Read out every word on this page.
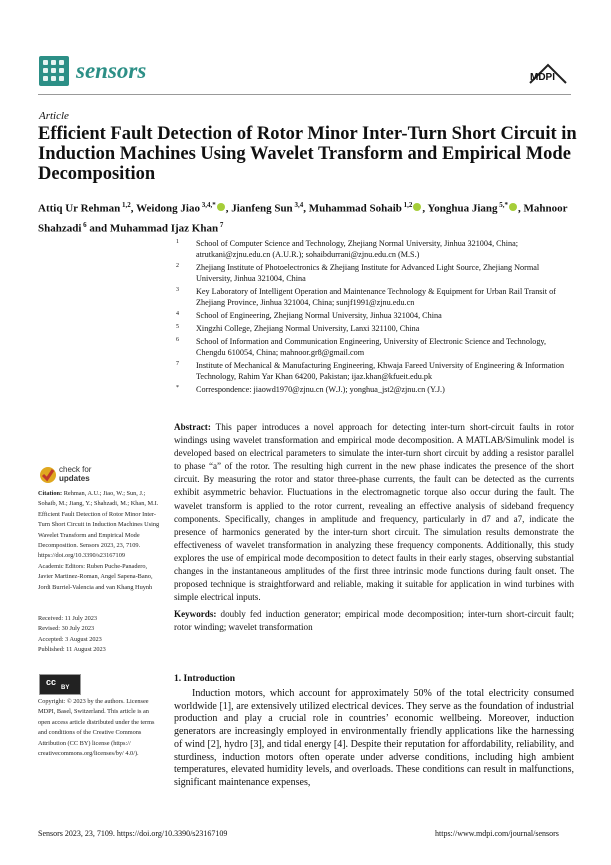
sensors	MDPI
Article
Efficient Fault Detection of Rotor Minor Inter-Turn Short Circuit in Induction Machines Using Wavelet Transform and Empirical Mode Decomposition
Attiq Ur Rehman $^{1,2}$, Weidong Jiao $^{3,4,*}$ , Jianfeng Sun $^{3,4}$, Muhammad Sohaib $^{1,2}$ , Yonghua Jiang $^{5,*}$ , Mahnoor Shahzadi $^6$ and Muhammad Ijaz Khan $^7$
1 School of Computer Science and Technology, Zhejiang Normal University, Jinhua 321004, China; atrutkani@zjnu.edu.cn (A.U.R.); sohaibdurrani@zjnu.edu.cn (M.S.)
2 Zhejiang Institute of Photoelectronics & Zhejiang Institute for Advanced Light Source, Zhejiang Normal University, Jinhua 321004, China
3 Key Laboratory of Intelligent Operation and Maintenance Technology & Equipment for Urban Rail Transit of Zhejiang Province, Jinhua 321004, China; sunjf1991@zjnu.edu.cn
4 School of Engineering, Zhejiang Normal University, Jinhua 321004, China
5 Xingzhi College, Zhejiang Normal University, Lanxi 321100, China
6 School of Information and Communication Engineering, University of Electronic Science and Technology, Chengdu 610054, China; mahnoor.gr8@gmail.com
7 Institute of Mechanical & Manufacturing Engineering, Khwaja Fareed University of Engineering & Information Technology, Rahim Yar Khan 64200, Pakistan; ijaz.khan@kfueit.edu.pk
* Correspondence: jiaowd1970@zjnu.cn (W.J.); yonghua_jst2@zjnu.cn (Y.J.)
check for
updates
Citation: Rehman, A.U.; Jiao, W.; Sun, J.; Sohaib, M.; Jiang, Y.; Shahzadi, M.; Khan, M.I. Efficient Fault Detection of Rotor Minor Inter-Turn Short Circuit in Induction Machines Using Wavelet Transform and Empirical Mode Decomposition. Sensors 2023, 23, 7109. https://doi.org/10.3390/s23167109
Academic Editors: Ruben Puche-Panadero, Javier Martinez-Roman, Angel Sapena-Bano, Jordi Burriel-Valencia and van Khang Huynh
Received: 11 July 2023
Revised: 30 July 2023
Accepted: 3 August 2023
Published: 11 August 2023
cc
BY
Copyright: © 2023 by the authors. Licensee MDPI, Basel, Switzerland. This article is an open access article distributed under the terms and conditions of the Creative Commons Attribution (CC BY) license (https:// creativecommons.org/licenses/by/ 4.0/).
Abstract: This paper introduces a novel approach for detecting inter-turn short-circuit faults in rotor windings using wavelet transformation and empirical mode decomposition. A MATLAB/Simulink model is developed based on electrical parameters to simulate the inter-turn short circuit by adding a resistor parallel to phase “a” of the rotor. The resulting high current in the new phase indicates the presence of the short circuit. By measuring the rotor and stator three-phase currents, the fault can be detected as the currents exhibit asymmetric behavior. Fluctuations in the electromagnetic torque also occur during the fault. The wavelet transform is applied to the rotor current, revealing an effective analysis of sideband frequency components. Specifically, changes in amplitude and frequency, particularly in d7 and a7, indicate the presence of harmonics generated by the inter-turn short circuit. The simulation results demonstrate the effectiveness of wavelet transformation in analyzing these frequency components. Additionally, this study explores the use of empirical mode decomposition to detect faults in their early stages, observing substantial changes in the instantaneous amplitudes of the first three intrinsic mode functions during fault onset. The proposed technique is straightforward and reliable, making it suitable for application in wind turbines with simple electrical inputs.
Keywords: doubly fed induction generator; empirical mode decomposition; inter-turn short-circuit fault; rotor winding; wavelet transformation
1. Introduction
Induction motors, which account for approximately 50% of the total electricity consumed worldwide [1], are extensively utilized electrical devices. They serve as the foundation of industrial production and play a crucial role in countries’ economic wellbeing. Moreover, induction generators are increasingly employed in environmentally friendly applications like the harnessing of wind [2], hydro [3], and tidal energy [4]. Despite their reputation for affordability, reliability, and sturdiness, induction motors often operate under adverse conditions, including high ambient temperatures, elevated humidity levels, and overloads. These conditions can result in malfunctions, significant maintenance expenses,
Sensors 2023, 23, 7109. https://doi.org/10.3390/s23167109	https://www.mdpi.com/journal/sensors
